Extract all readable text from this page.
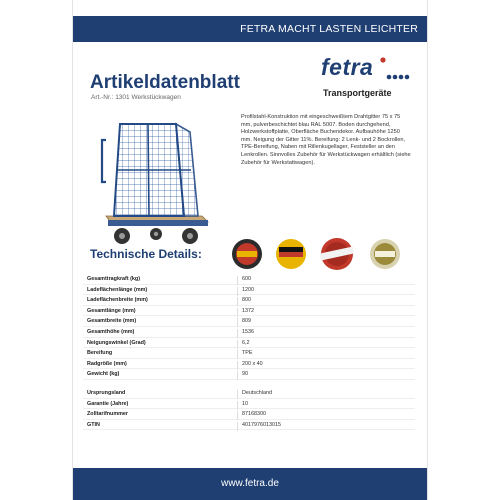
FETRA MACHT LASTEN LEICHTER
Artikeldatenblatt
Art.-Nr.: 1301 Werkstückwagen
fetra
Transportgeräte

Profilstahl-Konstruktion mit eingeschweißtem Drahtgitter 75 x 75 mm, pulverbeschichtet blau RAL 5007. Boden durchgehend, Holzwerkstoffplatte, Oberfläche Buchendekor. Aufbauhöhe 1250 mm. Neigung der Gitter 11%. Bereifung: 2 Lenk- und 2 Bockrollen, TPE-Bereifung, Naben mit Rillenkugellager, Feststeller an den Lenkrollen. Sinnvolles Zubehör für Werkstückwagen erhältlich (siehe Zubehör für Werkstattwagen).

Technische Details:
Gesamttragkraft (kg)	600
Ladeflächenlänge (mm)	1200
Ladeflächenbreite (mm)	800
Gesamtlänge (mm)	1372
Gesamtbreite (mm)	809
Gesamthöhe (mm)	1536
Neigungswinkel (Grad)	6,2
Bereifung	TPE
Radgröße (mm)	200 x 40
Gewicht (kg)	90
Ursprungsland	Deutschland
Garantie (Jahre)	10
Zolltarifnummer	87168300
GTIN	4017976013015
www.fetra.de
